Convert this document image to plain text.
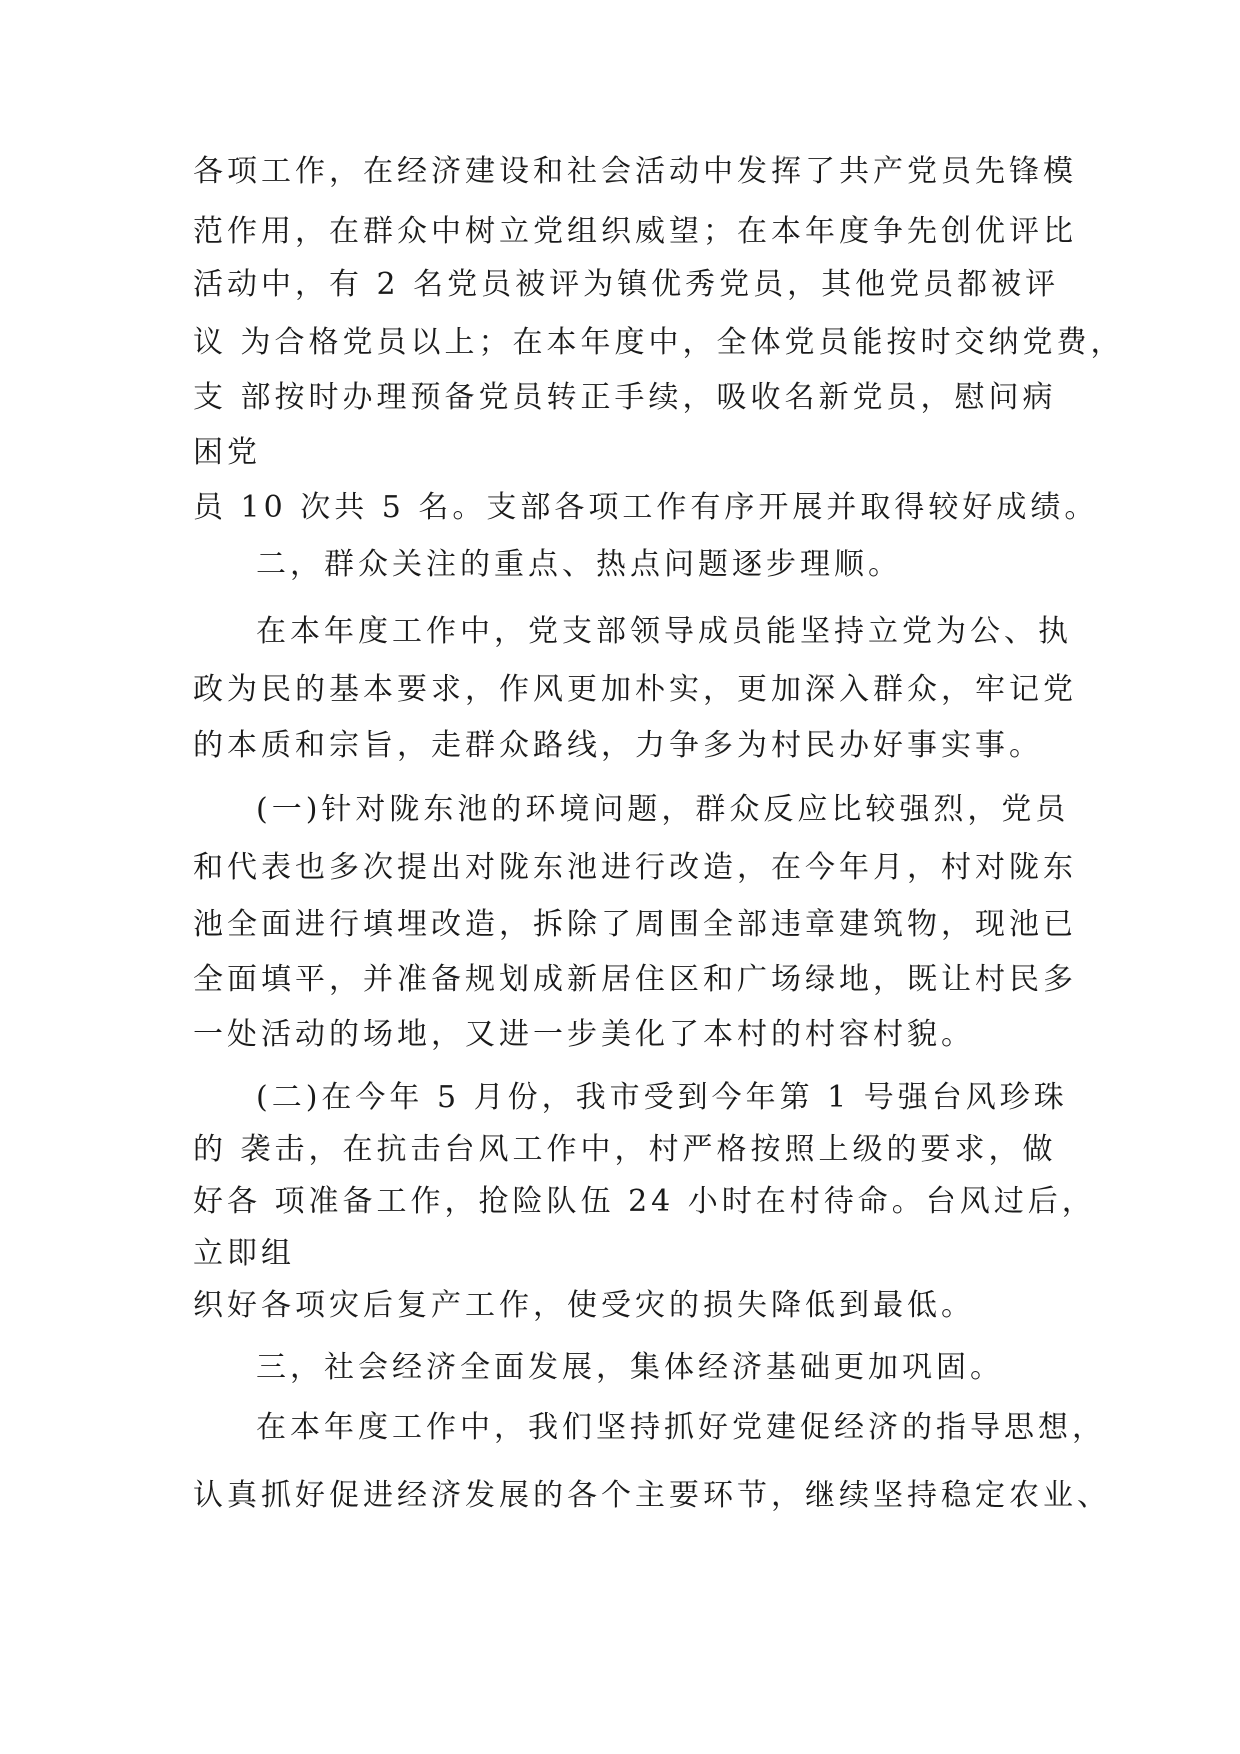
各项工作，在经济建设和社会活动中发挥了共产党员先锋模
范作用，在群众中树立党组织威望；在本年度争先创优评比
活动中，有 2 名党员被评为镇优秀党员，其他党员都被评
议 为合格党员以上；在本年度中，全体党员能按时交纳党费，
支 部按时办理预备党员转正手续，吸收名新党员，慰问病
困党
员 10 次共 5 名。支部各项工作有序开展并取得较好成绩。
二，群众关注的重点、热点问题逐步理顺。
在本年度工作中，党支部领导成员能坚持立党为公、执
政为民的基本要求，作风更加朴实，更加深入群众，牢记党
的本质和宗旨，走群众路线，力争多为村民办好事实事。
(一)针对陇东池的环境问题，群众反应比较强烈，党员
和代表也多次提出对陇东池进行改造，在今年月，村对陇东
池全面进行填埋改造，拆除了周围全部违章建筑物，现池已
全面填平，并准备规划成新居住区和广场绿地，既让村民多
一处活动的场地，又进一步美化了本村的村容村貌。
(二)在今年 5 月份，我市受到今年第 1 号强台风珍珠
的 袭击，在抗击台风工作中，村严格按照上级的要求，做
好各 项准备工作，抢险队伍 24 小时在村待命。台风过后，
立即组
织好各项灾后复产工作，使受灾的损失降低到最低。
三，社会经济全面发展，集体经济基础更加巩固。
在本年度工作中，我们坚持抓好党建促经济的指导思想，
认真抓好促进经济发展的各个主要环节，继续坚持稳定农业、
